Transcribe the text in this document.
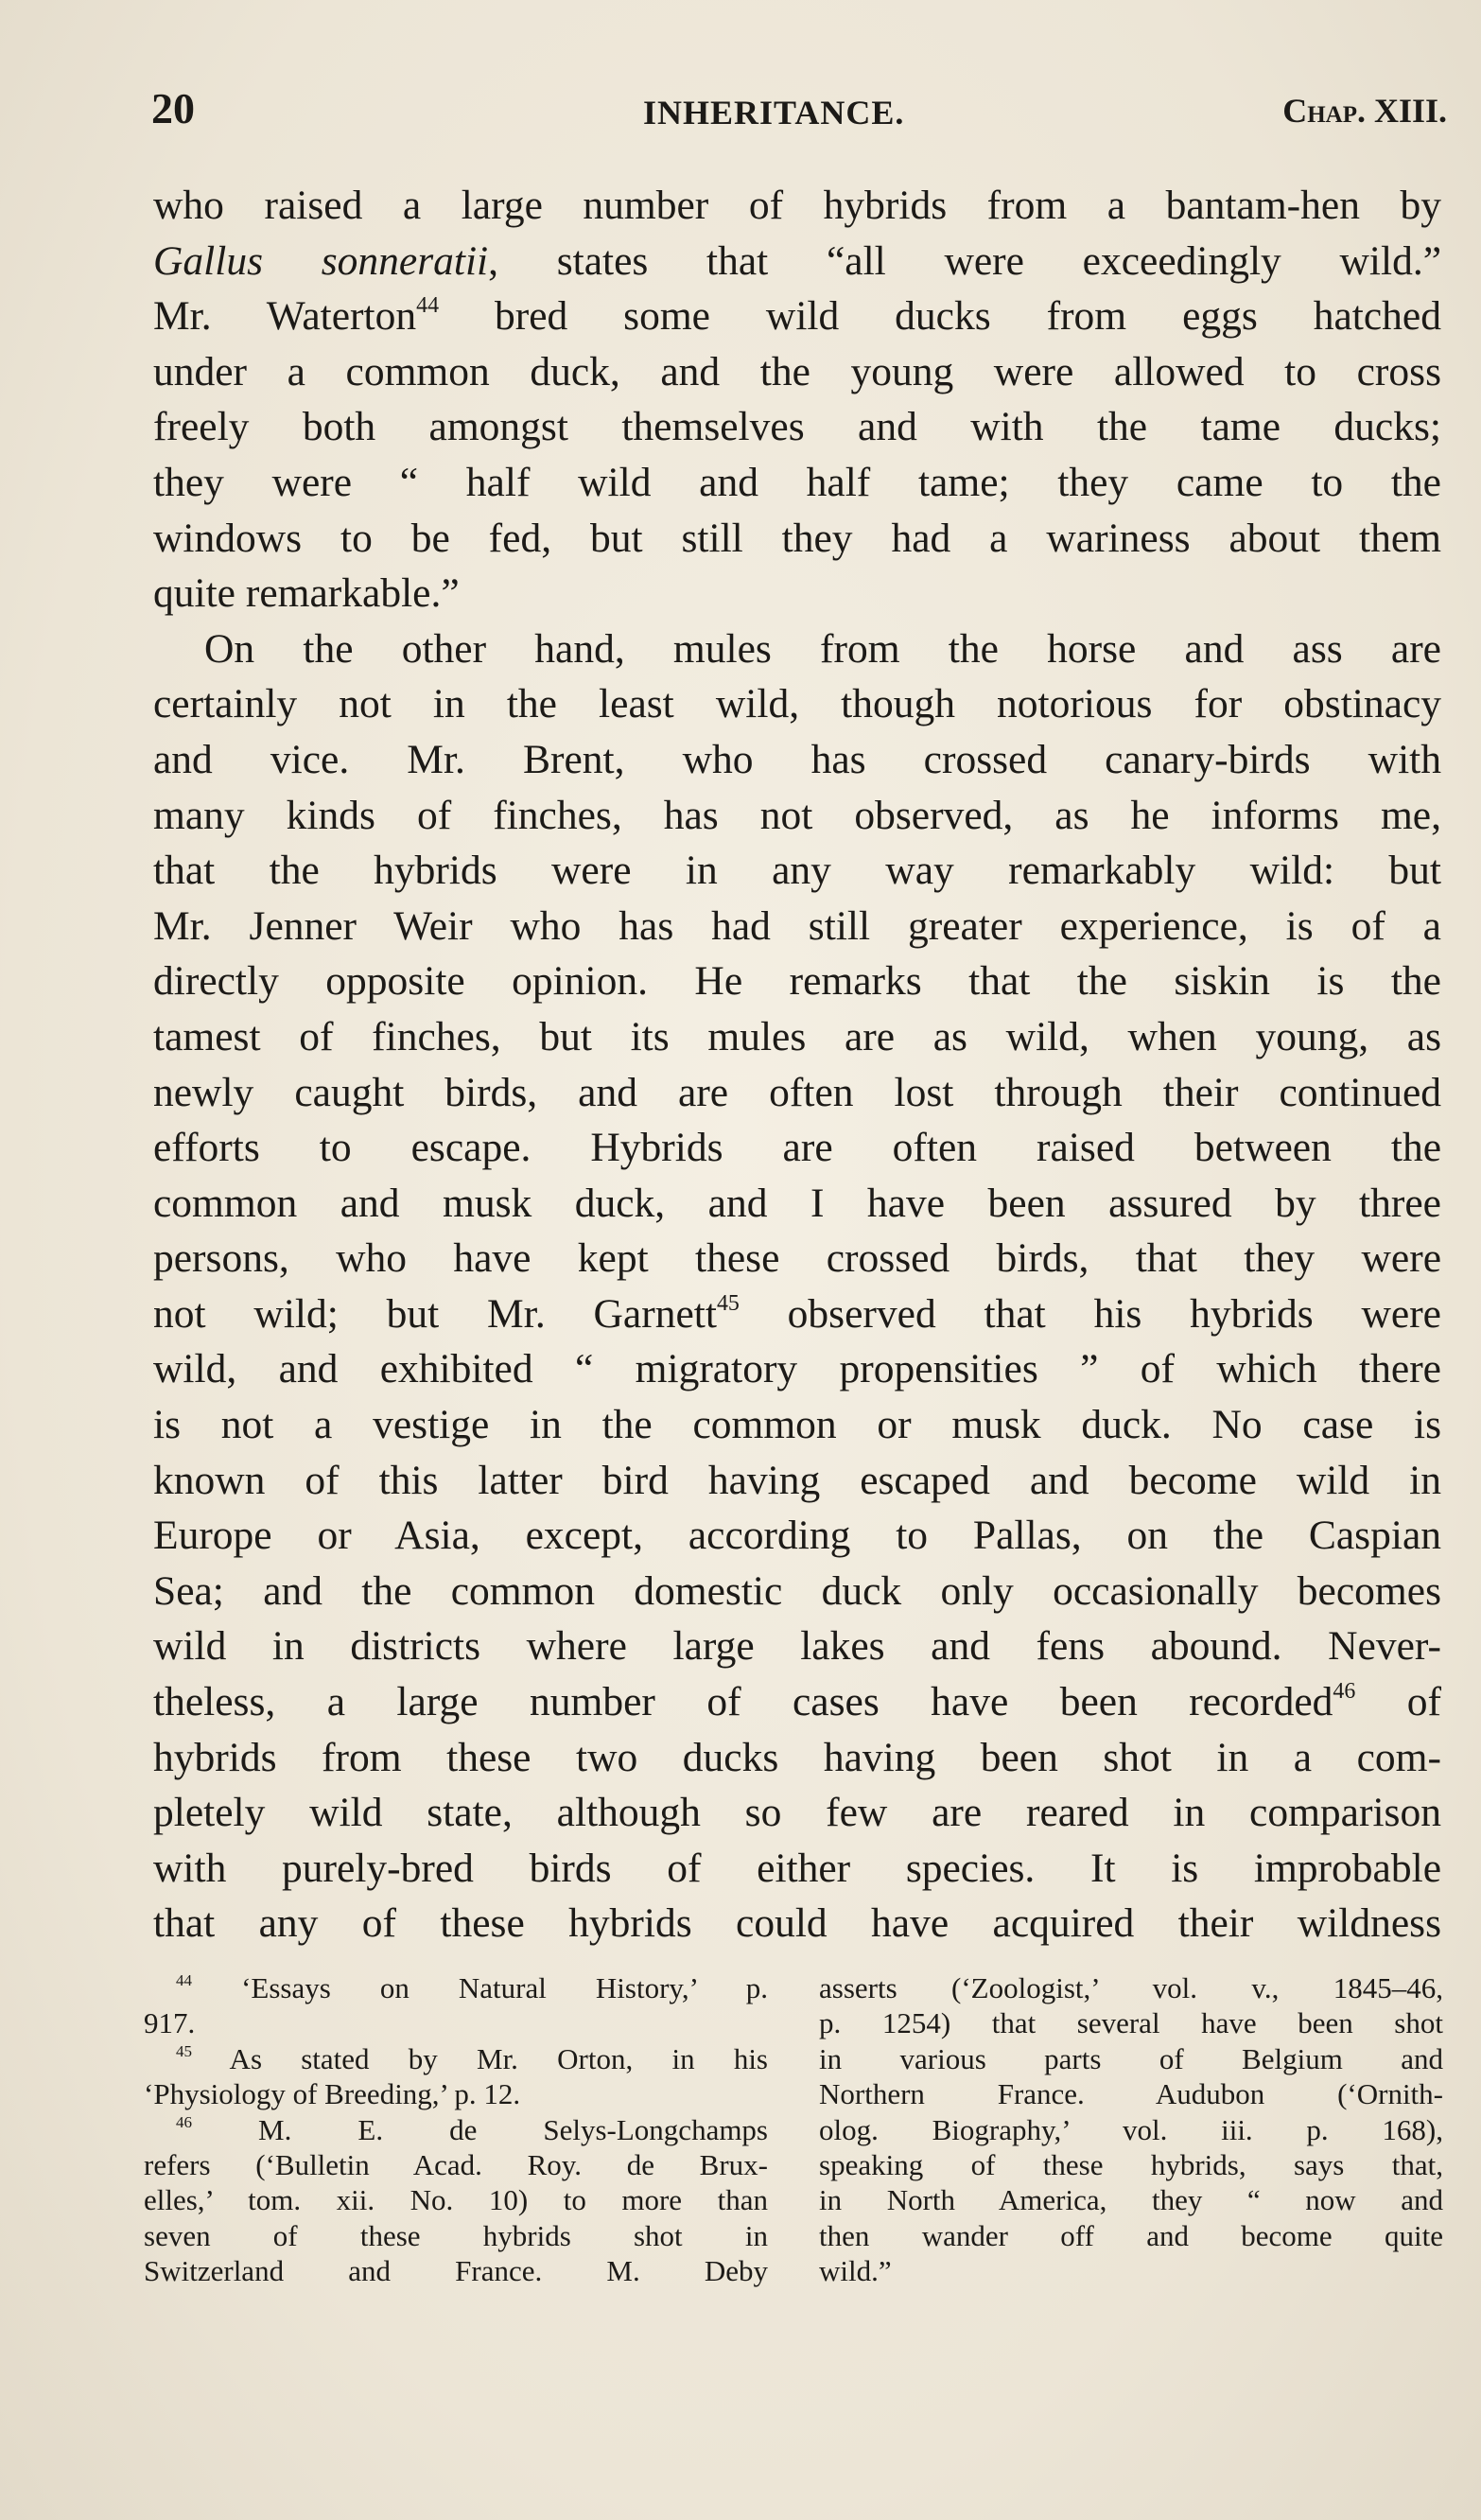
20	INHERITANCE.	Chap. XIII.
who raised a large number of hybrids from a bantam-hen by
Gallus sonneratii, states that “all were exceedingly wild.”
Mr. Waterton$^{44}$ bred some wild ducks from eggs hatched
under a common duck, and the young were allowed to cross
freely both amongst themselves and with the tame ducks;
they were “ half wild and half tame; they came to the
windows to be fed, but still they had a wariness about them
quite remarkable.”
On the other hand, mules from the horse and ass are
certainly not in the least wild, though notorious for obstinacy
and vice. Mr. Brent, who has crossed canary-birds with
many kinds of finches, has not observed, as he informs me,
that the hybrids were in any way remarkably wild: but
Mr. Jenner Weir who has had still greater experience, is of a
directly opposite opinion. He remarks that the siskin is the
tamest of finches, but its mules are as wild, when young, as
newly caught birds, and are often lost through their continued
efforts to escape. Hybrids are often raised between the
common and musk duck, and I have been assured by three
persons, who have kept these crossed birds, that they were
not wild; but Mr. Garnett$^{45}$ observed that his hybrids were
wild, and exhibited “ migratory propensities ” of which there
is not a vestige in the common or musk duck. No case is
known of this latter bird having escaped and become wild in
Europe or Asia, except, according to Pallas, on the Caspian
Sea; and the common domestic duck only occasionally becomes
wild in districts where large lakes and fens abound. Never-
theless, a large number of cases have been recorded$^{46}$ of
hybrids from these two ducks having been shot in a com-
pletely wild state, although so few are reared in comparison
with purely-bred birds of either species. It is improbable
that any of these hybrids could have acquired their wildness
$^{44}$ ‘Essays on Natural History,’ p.
917.
$^{45}$ As stated by Mr. Orton, in his
‘Physiology of Breeding,’ p. 12.
$^{46}$ M. E. de Selys-Longchamps
refers (‘Bulletin Acad. Roy. de Brux-
elles,’ tom. xii. No. 10) to more than
seven of these hybrids shot in
Switzerland and France. M. Deby
asserts (‘Zoologist,’ vol. v., 1845–46,
p. 1254) that several have been shot
in various parts of Belgium and
Northern France. Audubon (‘Ornith-
olog. Biography,’ vol. iii. p. 168),
speaking of these hybrids, says that,
in North America, they “ now and
then wander off and become quite
wild.”
